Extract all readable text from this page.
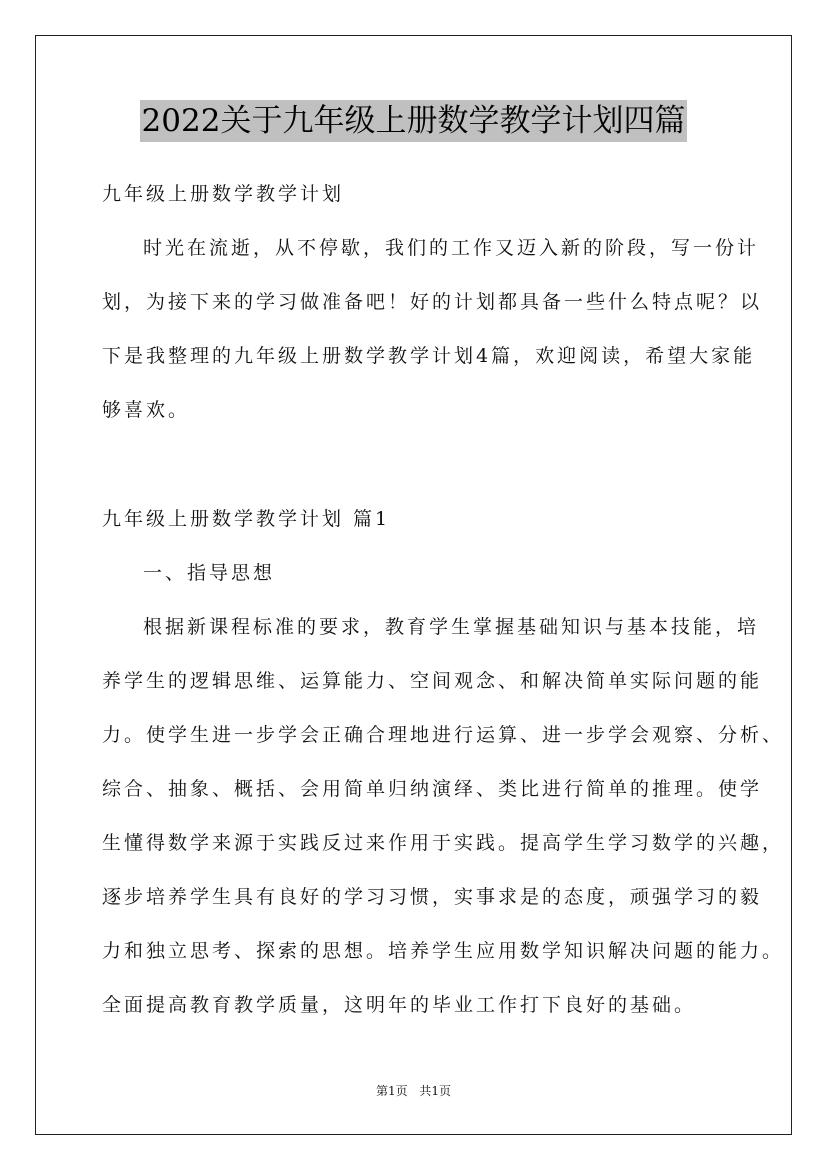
2022关于九年级上册数学教学计划四篇
九年级上册数学教学计划
时光在流逝，从不停歇，我们的工作又迈入新的阶段，写一份计
划，为接下来的学习做准备吧！好的计划都具备一些什么特点呢？以
下是我整理的九年级上册数学教学计划4篇，欢迎阅读，希望大家能
够喜欢。
九年级上册数学教学计划 篇1
一、指导思想
根据新课程标准的要求，教育学生掌握基础知识与基本技能，培
养学生的逻辑思维、运算能力、空间观念、和解决简单实际问题的能
力。使学生进一步学会正确合理地进行运算、进一步学会观察、分析、
综合、抽象、概括、会用简单归纳演绎、类比进行简单的推理。使学
生懂得数学来源于实践反过来作用于实践。提高学生学习数学的兴趣，
逐步培养学生具有良好的学习习惯，实事求是的态度，顽强学习的毅
力和独立思考、探索的思想。培养学生应用数学知识解决问题的能力。
全面提高教育教学质量，这明年的毕业工作打下良好的基础。
第1页 共1页
